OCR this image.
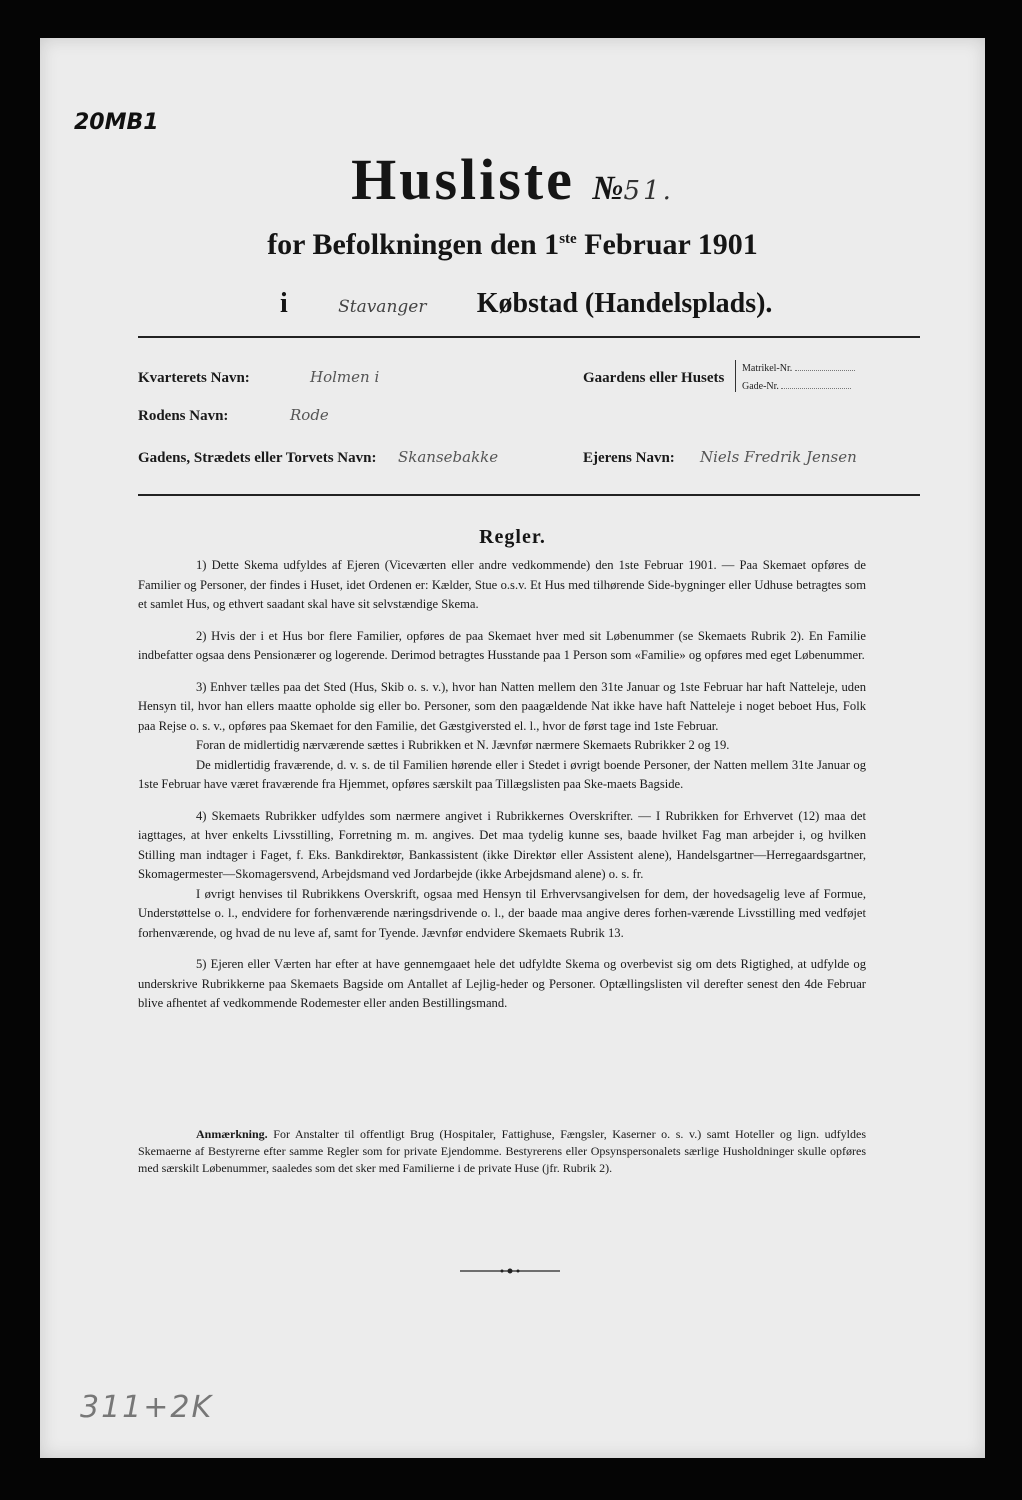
20MB1
Husliste №51.
for Befolkningen den 1ste Februar 1901
i	Stavanger Købstad (Handelsplads).
Kvarterets Navn:	Holmen i	Gaardens eller Husets
Matrikel-Nr.
Gade-Nr.
Rodens Navn:	Rode
Gadens, Strædets eller Torvets Navn: Skansebakke	Ejerens Navn: Niels Fredrik Jensen
Regler.

1) Dette Skema udfyldes af Ejeren (Viceværten eller andre vedkommende) den 1ste Februar 1901. — Paa Skemaet opføres de Familier og Personer, der findes i Huset, idet Ordenen er: Kælder, Stue o.s.v. Et Hus med tilhørende Side-bygninger eller Udhuse betragtes som et samlet Hus, og ethvert saadant skal have sit selvstændige Skema.

2) Hvis der i et Hus bor flere Familier, opføres de paa Skemaet hver med sit Løbenummer (se Skemaets Rubrik 2). En Familie indbefatter ogsaa dens Pensionærer og logerende. Derimod betragtes Husstande paa 1 Person som «Familie» og opføres med eget Løbenummer.

3) Enhver tælles paa det Sted (Hus, Skib o. s. v.), hvor han Natten mellem den 31te Januar og 1ste Februar har haft Natteleje, uden Hensyn til, hvor han ellers maatte opholde sig eller bo. Personer, som den paagældende Nat ikke have haft Natteleje i noget beboet Hus, Folk paa Rejse o. s. v., opføres paa Skemaet for den Familie, det Gæstgiversted el. l., hvor de først tage ind 1ste Februar.

Foran de midlertidig nærværende sættes i Rubrikken et N. Jævnfør nærmere Skemaets Rubrikker 2 og 19.

De midlertidig fraværende, d. v. s. de til Familien hørende eller i Stedet i øvrigt boende Personer, der Natten mellem 31te Januar og 1ste Februar have været fraværende fra Hjemmet, opføres særskilt paa Tillægslisten paa Ske-maets Bagside.

4) Skemaets Rubrikker udfyldes som nærmere angivet i Rubrikkernes Overskrifter. — I Rubrikken for Erhvervet (12) maa det iagttages, at hver enkelts Livsstilling, Forretning m. m. angives. Det maa tydelig kunne ses, baade hvilket Fag man arbejder i, og hvilken Stilling man indtager i Faget, f. Eks. Bankdirektør, Bankassistent (ikke Direktør eller Assistent alene), Handelsgartner—Herregaardsgartner, Skomagermester—Skomagersvend, Arbejdsmand ved Jordarbejde (ikke Arbejdsmand alene) o. s. fr.

I øvrigt henvises til Rubrikkens Overskrift, ogsaa med Hensyn til Erhvervsangivelsen for dem, der hovedsagelig leve af Formue, Understøttelse o. l., endvidere for forhenværende næringsdrivende o. l., der baade maa angive deres forhen-værende Livsstilling med vedføjet forhenværende, og hvad de nu leve af, samt for Tyende. Jævnfør endvidere Skemaets Rubrik 13.

5) Ejeren eller Værten har efter at have gennemgaaet hele det udfyldte Skema og overbevist sig om dets Rigtighed, at udfylde og underskrive Rubrikkerne paa Skemaets Bagside om Antallet af Lejlig-heder og Personer. Optællingslisten vil derefter senest den 4de Februar blive afhentet af vedkommende Rodemester eller anden Bestillingsmand.

Anmærkning. For Anstalter til offentligt Brug (Hospitaler, Fattighuse, Fængsler, Kaserner o. s. v.) samt Hoteller og lign. udfyldes Skemaerne af Bestyrerne efter samme Regler som for private Ejendomme. Bestyrerens eller Opsynspersonalets særlige Husholdninger skulle opføres med særskilt Løbenummer, saaledes som det sker med Familierne i de private Huse (jfr. Rubrik 2).

311+2K
